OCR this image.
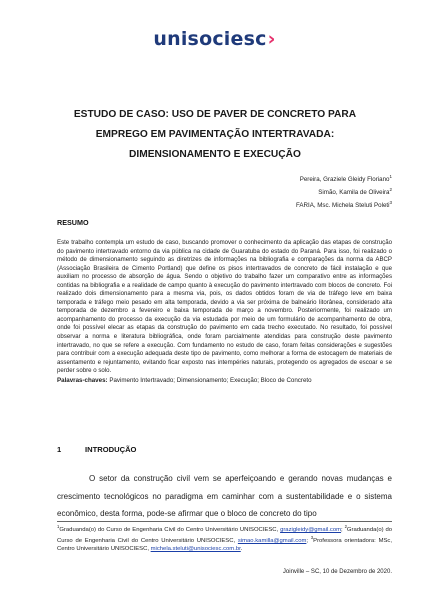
unisociesc›
ESTUDO DE CASO: USO DE PAVER DE CONCRETO PARA
EMPREGO EM PAVIMENTAÇÃO INTERTRAVADA:
DIMENSIONAMENTO E EXECUÇÃO
Pereira, Graziele Gleidy Floriano$^1$
Simão, Kamila de Oliveira$^2$
FARIA, Msc. Michela Steluti Poleti$^3$
RESUMO
Este trabalho contempla um estudo de caso, buscando promover o conhecimento da aplicação das etapas de construção do pavimento intertravado entorno da via pública na cidade de Guaratuba do estado do Paraná. Para isso, foi realizado o método de dimensionamento seguindo as diretrizes de informações na bibliografia e comparações da norma da ABCP (Associação Brasileira de Cimento Portland) que define os pisos intertravados de concreto de fácil instalação e que auxiliam no processo de absorção de água. Sendo o objetivo do trabalho fazer um comparativo entre as informações contidas na bibliografia e a realidade de campo quanto à execução do pavimento intertravado com blocos de concreto. Foi realizado dois dimensionamento para a mesma via, pois, os dados obtidos foram de via de tráfego leve em baixa temporada e tráfego meio pesado em alta temporada, devido a via ser próxima de balneário litorânea, considerado alta temporada de dezembro a fevereiro e baixa temporada de março a novembro. Posteriormente, foi realizado um acompanhamento do processo da execução da via estudada por meio de um formulário de acompanhamento de obra, onde foi possível elecar as etapas da construção do pavimento em cada trecho executado. No resultado, foi possível observar a norma e literatura bibliográfica, onde foram parcialmente atendidas para construção deste pavimento intertravado, no que se refere a execução. Com fundamento no estudo de caso, foram feitas considerações e sugestões para contribuir com a execução adequada deste tipo de pavimento, como melhorar a forma de estocagem de materiais de assentamento e rejuntamento, evitando ficar exposto nas intempéries naturais, protegendo os agregados de escoar e se perder sobre o solo.
Palavras-chaves: Pavimento Intertravado; Dimensionamento; Execução; Bloco de Concreto
1	INTRODUÇÃO
O setor da construção civil vem se aperfeiçoando e gerando novas mudanças e crescimento tecnológicos no paradigma em caminhar com a sustentabilidade e o sistema econômico, desta forma, pode-se afirmar que o bloco de concreto do tipo
$^1$Graduanda(o) do Curso de Engenharia Civil do Centro Universitário UNISOCIESC, grazigleidy@gmail.com; $^2$Graduanda(o) do Curso de Engenharia Civil do Centro Universitário UNISOCIESC, simao.kamilla@gmail.com; $^3$Professora orientadora: MSc, Centro Universitário UNISOCIESC, michela.steluti@unisociesc.com.br.
Joinville – SC, 10 de Dezembro de 2020.
